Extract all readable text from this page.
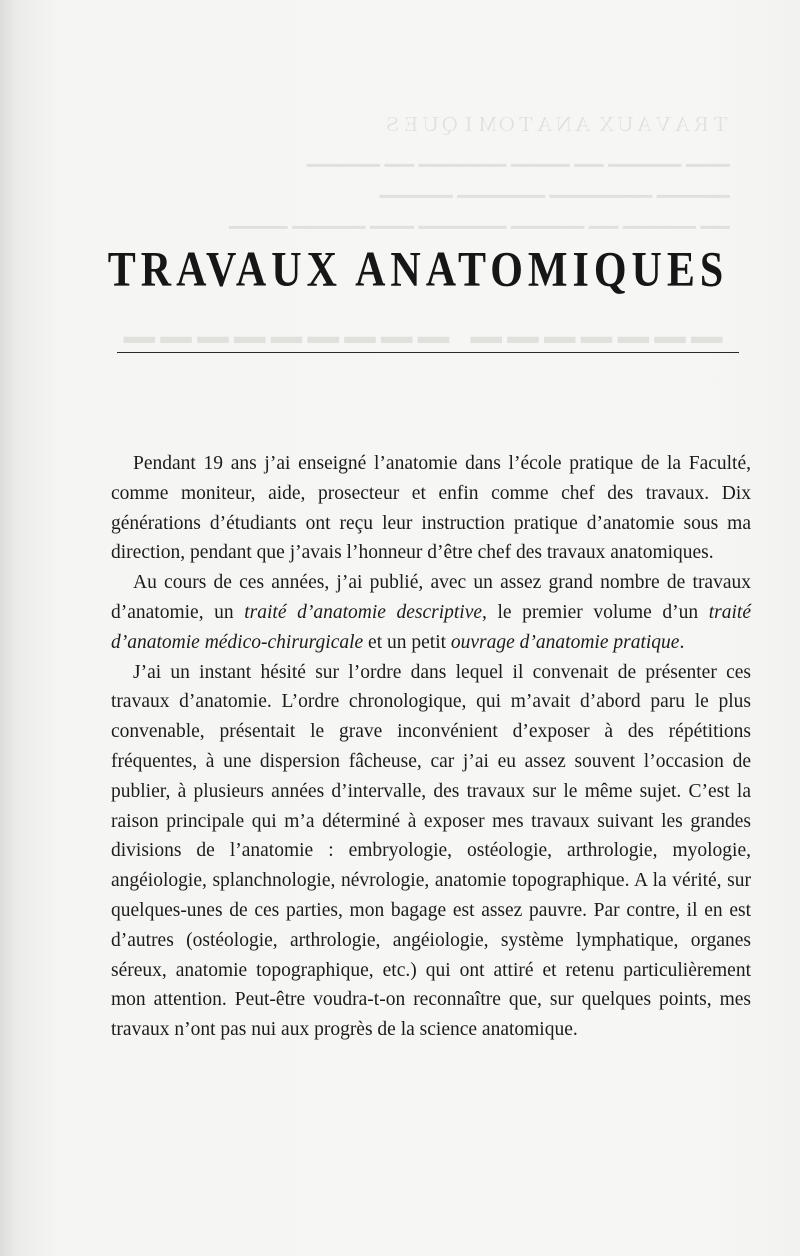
ＴＲＡＶＡＵＸ ＡＮＡＴＯＭＩＱＵＥＳ
▁▁▁ ▁▁▁▁▁ ▁▁ ▁▁▁▁ ▁▁▁▁▁▁ ▁▁ ▁▁▁▁▁
▁▁▁▁▁ ▁▁▁▁▁▁▁ ▁▁▁▁▁▁ ▁▁▁▁▁
▁▁ ▁▁▁▁▁ ▁▁ ▁▁▁▁▁ ▁▁▁▁▁▁ ▁▁▁ ▁▁▁▁▁ ▁▁▁▁
▁▁▁▁▁▁▁ ▁▁▁▁▁▁▁▁▁
TRAVAUX ANATOMIQUES

Pendant 19 ans j’ai enseigné l’anatomie dans l’école pratique de la Faculté, comme moniteur, aide, prosecteur et enfin comme chef des travaux. Dix générations d’étudiants ont reçu leur instruction pratique d’anatomie sous ma direction, pendant que j’avais l’honneur d’être chef des travaux anatomiques.

Au cours de ces années, j’ai publié, avec un assez grand nombre de travaux d’anatomie, un traité d’anatomie descriptive, le premier volume d’un traité d’anatomie médico-chirurgicale et un petit ouvrage d’anatomie pratique.

J’ai un instant hésité sur l’ordre dans lequel il convenait de présenter ces travaux d’anatomie. L’ordre chronologique, qui m’avait d’abord paru le plus convenable, présentait le grave inconvénient d’exposer à des répétitions fréquentes, à une dispersion fâcheuse, car j’ai eu assez souvent l’occasion de publier, à plusieurs années d’intervalle, des travaux sur le même sujet. C’est la raison principale qui m’a déterminé à exposer mes travaux suivant les grandes divisions de l’anatomie : embryologie, ostéologie, arthrologie, myologie, angéiologie, splanchnologie, névrologie, anatomie topographique. A la vérité, sur quelques-unes de ces parties, mon bagage est assez pauvre. Par contre, il en est d’autres (ostéologie, arthrologie, angéiologie, système lymphatique, organes séreux, anatomie topographique, etc.) qui ont attiré et retenu particulièrement mon attention. Peut-être voudra-t-on reconnaître que, sur quelques points, mes travaux n’ont pas nui aux progrès de la science anatomique.
